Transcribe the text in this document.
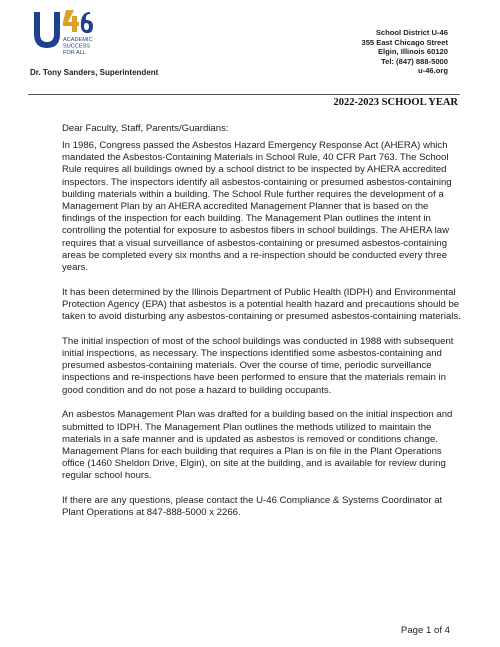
ACADEMIC
SUCCESS
FOR ALL
Dr. Tony Sanders, Superintendent
School District U-46
355 East Chicago Street
Elgin, Illinois 60120
Tel: (847) 888-5000
u-46.org
2022-2023 SCHOOL YEAR
Dear Faculty, Staff, Parents/Guardians:

In 1986, Congress passed the Asbestos Hazard Emergency Response Act (AHERA) which mandated the Asbestos-Containing Materials in School Rule, 40 CFR Part 763. The School Rule requires all buildings owned by a school district to be inspected by AHERA accredited inspectors. The inspectors identify all asbestos-containing or presumed asbestos-containing building materials within a building. The School Rule further requires the development of a Management Plan by an AHERA accredited Management Planner that is based on the findings of the inspection for each building. The Management Plan outlines the intent in controlling the potential for exposure to asbestos fibers in school buildings. The AHERA law requires that a visual surveillance of asbestos-containing or presumed asbestos-containing areas be completed every six months and a re-inspection should be conducted every three years.

It has been determined by the Illinois Department of Public Health (IDPH) and Environmental Protection Agency (EPA) that asbestos is a potential health hazard and precautions should be taken to avoid disturbing any asbestos-containing or presumed asbestos-containing materials.

The initial inspection of most of the school buildings was conducted in 1988 with subsequent initial inspections, as necessary. The inspections identified some asbestos-containing and presumed asbestos-containing materials. Over the course of time, periodic surveillance inspections and re-inspections have been performed to ensure that the materials remain in good condition and do not pose a hazard to building occupants.

An asbestos Management Plan was drafted for a building based on the initial inspection and submitted to IDPH. The Management Plan outlines the methods utilized to maintain the materials in a safe manner and is updated as asbestos is removed or conditions change. Management Plans for each building that requires a Plan is on file in the Plant Operations office (1460 Sheldon Drive, Elgin), on site at the building, and is available for review during regular school hours.

If there are any questions, please contact the U-46 Compliance & Systems Coordinator at Plant Operations at 847-888-5000 x 2266.

Page 1 of 4
